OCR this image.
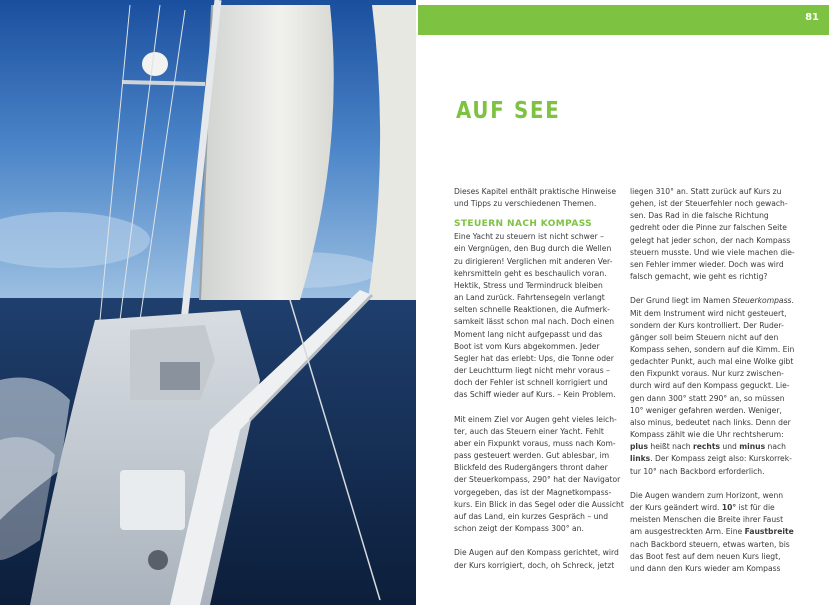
81
AUF SEE

Dieses Kapitel enthält praktische Hinweise
und Tipps zu verschiedenen Themen.

STEUERN NACH KOMPASS

Eine Yacht zu steuern ist nicht schwer –
ein Vergnügen, den Bug durch die Wellen
zu dirigieren! Verglichen mit anderen Ver-
kehrsmitteln geht es beschaulich voran.
Hektik, Stress und Termindruck bleiben
an Land zurück. Fahrtensegeln verlangt
selten schnelle Reaktionen, die Aufmerk-
samkeit lässt schon mal nach. Doch einen
Moment lang nicht aufgepasst und das
Boot ist vom Kurs abgekommen. Jeder
Segler hat das erlebt: Ups, die Tonne oder
der Leuchtturm liegt nicht mehr voraus –
doch der Fehler ist schnell korrigiert und
das Schiff wieder auf Kurs. – Kein Problem.

Mit einem Ziel vor Augen geht vieles leich-
ter, auch das Steuern einer Yacht. Fehlt
aber ein Fixpunkt voraus, muss nach Kom-
pass gesteuert werden. Gut ablesbar, im
Blickfeld des Rudergängers thront daher
der Steuerkompass, 290° hat der Navigator
vorgegeben, das ist der Magnetkompass-
kurs. Ein Blick in das Segel oder die Aussicht
auf das Land, ein kurzes Gespräch – und
schon zeigt der Kompass 300° an.

Die Augen auf den Kompass gerichtet, wird
der Kurs korrigiert, doch, oh Schreck, jetzt

liegen 310° an. Statt zurück auf Kurs zu
gehen, ist der Steuerfehler noch gewach-
sen. Das Rad in die falsche Richtung
gedreht oder die Pinne zur falschen Seite
gelegt hat jeder schon, der nach Kompass
steuern musste. Und wie viele machen die-
sen Fehler immer wieder. Doch was wird
falsch gemacht, wie geht es richtig?

Der Grund liegt im Namen Steuerkompass.
Mit dem Instrument wird nicht gesteuert,
sondern der Kurs kontrolliert. Der Ruder-
gänger soll beim Steuern nicht auf den
Kompass sehen, sondern auf die Kimm. Ein
gedachter Punkt, auch mal eine Wolke gibt
den Fixpunkt voraus. Nur kurz zwischen-
durch wird auf den Kompass geguckt. Lie-
gen dann 300° statt 290° an, so müssen
10° weniger gefahren werden. Weniger,
also minus, bedeutet nach links. Denn der
Kompass zählt wie die Uhr rechtsherum:
plus heißt nach rechts und minus nach
links. Der Kompass zeigt also: Kurskorrek-
tur 10° nach Backbord erforderlich.

Die Augen wandern zum Horizont, wenn
der Kurs geändert wird. 10° ist für die
meisten Menschen die Breite ihrer Faust
am ausgestreckten Arm. Eine Faustbreite
nach Backbord steuern, etwas warten, bis
das Boot fest auf dem neuen Kurs liegt,
und dann den Kurs wieder am Kompass
